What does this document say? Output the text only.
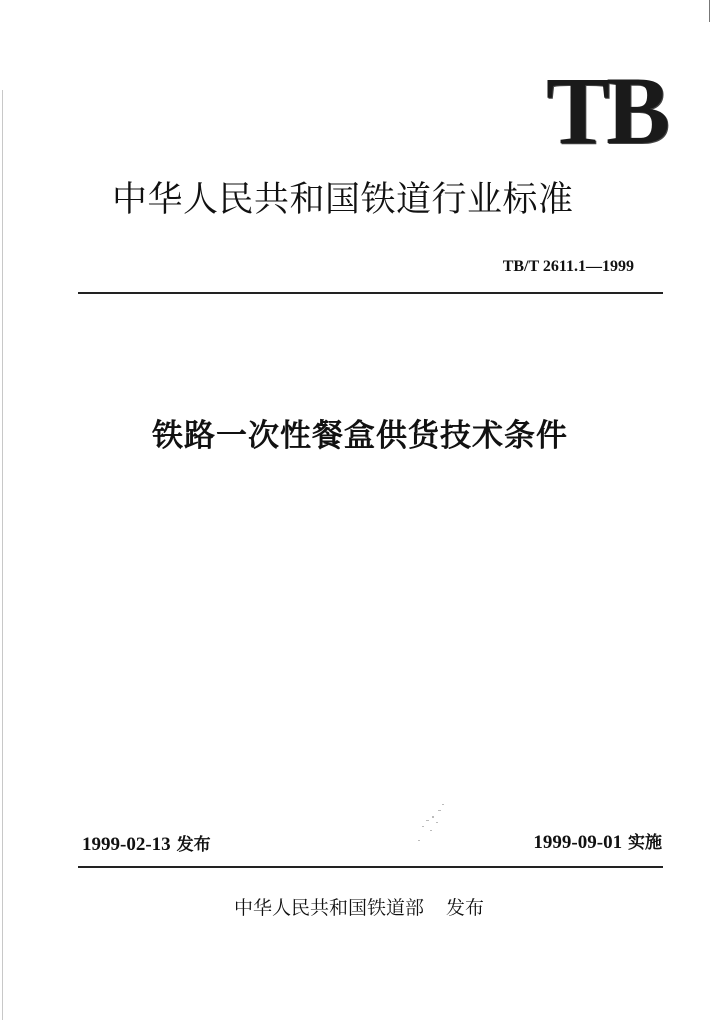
TB
中华人民共和国铁道行业标准
TB/T 2611.1—1999
铁路一次性餐盒供货技术条件
1999-02-13 发布	1999-09-01 实施
中华人民共和国铁道部 发布
